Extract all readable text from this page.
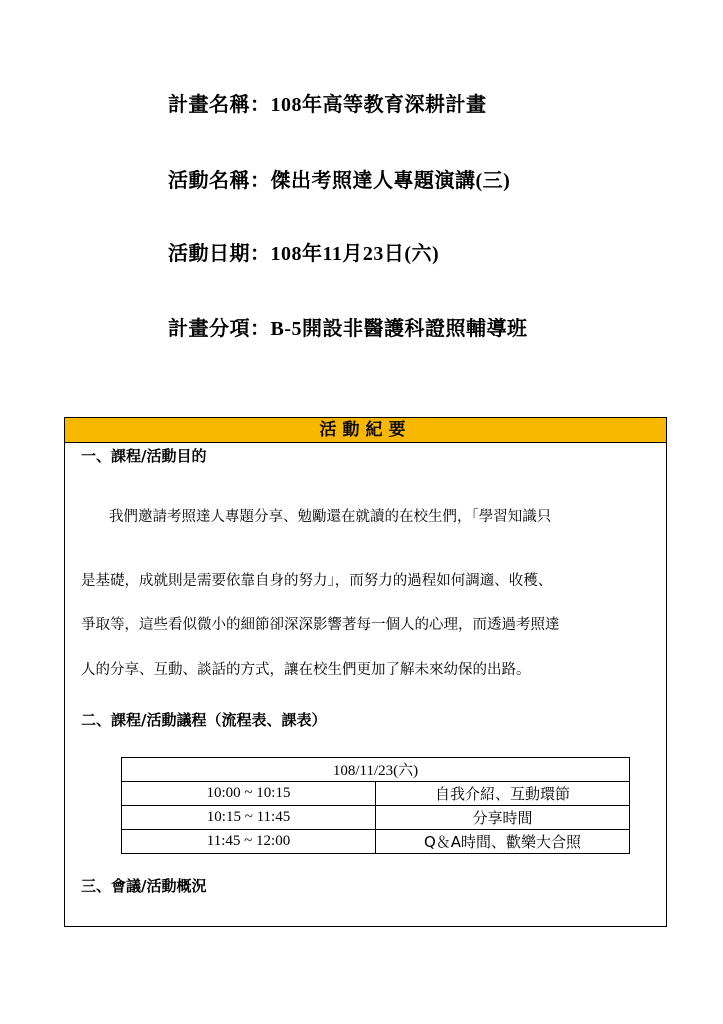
計畫名稱：108年高等教育深耕計畫
活動名稱：傑出考照達人專題演講(三)
活動日期：108年11月23日(六)
計畫分項：B-5開設非醫護科證照輔導班
活動紀要
一、課程/活動目的
我們邀請考照達人專題分享、勉勵還在就讀的在校生們，「學習知識只
是基礎，成就則是需要依靠自身的努力」，而努力的過程如何調適、收穫、
爭取等，這些看似微小的細節卻深深影響著每一個人的心理，而透過考照達
人的分享、互動、談話的方式，讓在校生們更加了解未來幼保的出路。
二、課程/活動議程（流程表、課表）
108/11/23(六)	
10:00 ~ 10:15	自我介紹、互動環節
10:15 ~ 11:45	分享時間
11:45 ~ 12:00	Q＆A時間、歡樂大合照
三、會議/活動概況
